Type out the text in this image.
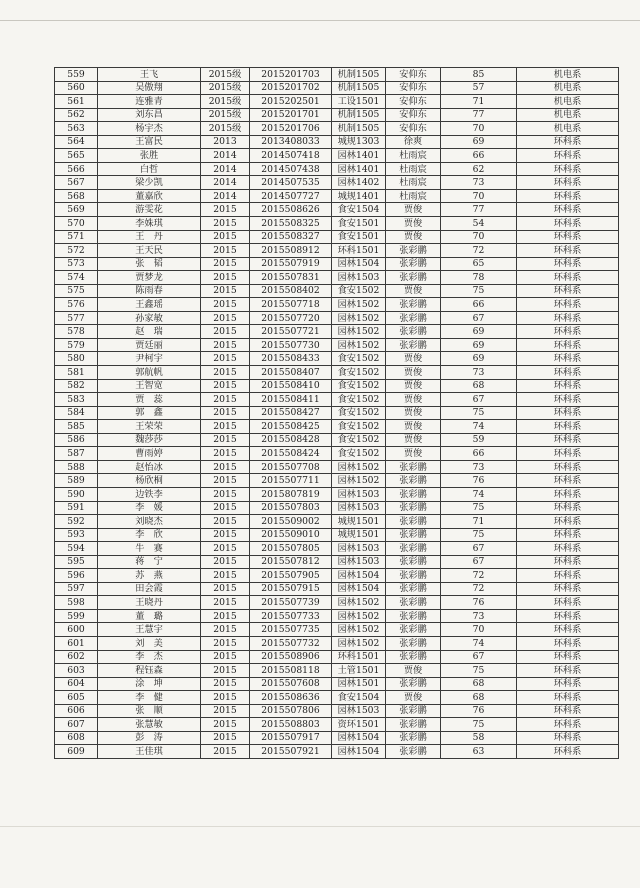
559	王飞	2015级	2015201703	机制1505	安仰东	85	机电系
560	吴傲翔	2015级	2015201702	机制1505	安仰东	57	机电系
561	连雅青	2015级	2015202501	工设1501	安仰东	71	机电系
562	刘东昌	2015级	2015201701	机制1505	安仰东	77	机电系
563	杨宇杰	2015级	2015201706	机制1505	安仰东	70	机电系
564	王富民	2013	2013408033	城规1303	徐爽	69	环科系
565	张胜	2014	2014507418	园林1401	杜雨宸	66	环科系
566	白哲	2014	2014507438	园林1401	杜雨宸	62	环科系
567	梁少凯	2014	2014507535	园林1402	杜雨宸	73	环科系
568	董嘉欣	2014	2014507727	城规1401	杜雨宸	70	环科系
569	游雯花	2015	2015508626	食安1504	贾俊	77	环科系
570	李姝琪	2015	2015508325	食安1501	贾俊	54	环科系
571	王　丹	2015	2015508327	食安1501	贾俊	70	环科系
572	王天民	2015	2015508912	环科1501	张彩鹏	72	环科系
573	张　韬	2015	2015507919	园林1504	张彩鹏	65	环科系
574	贾梦龙	2015	2015507831	园林1503	张彩鹏	78	环科系
575	陈雨春	2015	2015508402	食安1502	贾俊	75	环科系
576	王鑫瑶	2015	2015507718	园林1502	张彩鹏	66	环科系
577	孙家敏	2015	2015507720	园林1502	张彩鹏	67	环科系
578	赵　瑞	2015	2015507721	园林1502	张彩鹏	69	环科系
579	贾廷丽	2015	2015507730	园林1502	张彩鹏	69	环科系
580	尹柯宇	2015	2015508433	食安1502	贾俊	69	环科系
581	郭航帆	2015	2015508407	食安1502	贾俊	73	环科系
582	王智宽	2015	2015508410	食安1502	贾俊	68	环科系
583	贾　蕊	2015	2015508411	食安1502	贾俊	67	环科系
584	郭　鑫	2015	2015508427	食安1502	贾俊	75	环科系
585	王荣荣	2015	2015508425	食安1502	贾俊	74	环科系
586	魏莎莎	2015	2015508428	食安1502	贾俊	59	环科系
587	曹雨婷	2015	2015508424	食安1502	贾俊	66	环科系
588	赵怡冰	2015	2015507708	园林1502	张彩鹏	73	环科系
589	杨欣桐	2015	2015507711	园林1502	张彩鹏	76	环科系
590	边铁李	2015	2015807819	园林1503	张彩鹏	74	环科系
591	李　媛	2015	2015507803	园林1503	张彩鹏	75	环科系
592	刘晓杰	2015	2015509002	城规1501	张彩鹏	71	环科系
593	李　欣	2015	2015509010	城规1501	张彩鹏	75	环科系
594	牛　赛	2015	2015507805	园林1503	张彩鹏	67	环科系
595	蒋　宁	2015	2015507812	园林1503	张彩鹏	67	环科系
596	苏　燕	2015	2015507905	园林1504	张彩鹏	72	环科系
597	田会霞	2015	2015507915	园林1504	张彩鹏	72	环科系
598	王晓丹	2015	2015507739	园林1502	张彩鹏	76	环科系
599	董　璐	2015	2015507733	园林1502	张彩鹏	73	环科系
600	王慧宇	2015	2015507735	园林1502	张彩鹏	70	环科系
601	刘　美	2015	2015507732	园林1502	张彩鹏	74	环科系
602	李　杰	2015	2015508906	环科1501	张彩鹏	67	环科系
603	程钰森	2015	2015508118	土管1501	贾俊	75	环科系
604	涂　坤	2015	2015507608	园林1501	张彩鹏	68	环科系
605	李　健	2015	2015508636	食安1504	贾俊	68	环科系
606	张　顺	2015	2015507806	园林1503	张彩鹏	76	环科系
607	张慧敏	2015	2015508803	资环1501	张彩鹏	75	环科系
608	彭　涛	2015	2015507917	园林1504	张彩鹏	58	环科系
609	王佳琪	2015	2015507921	园林1504	张彩鹏	63	环科系
